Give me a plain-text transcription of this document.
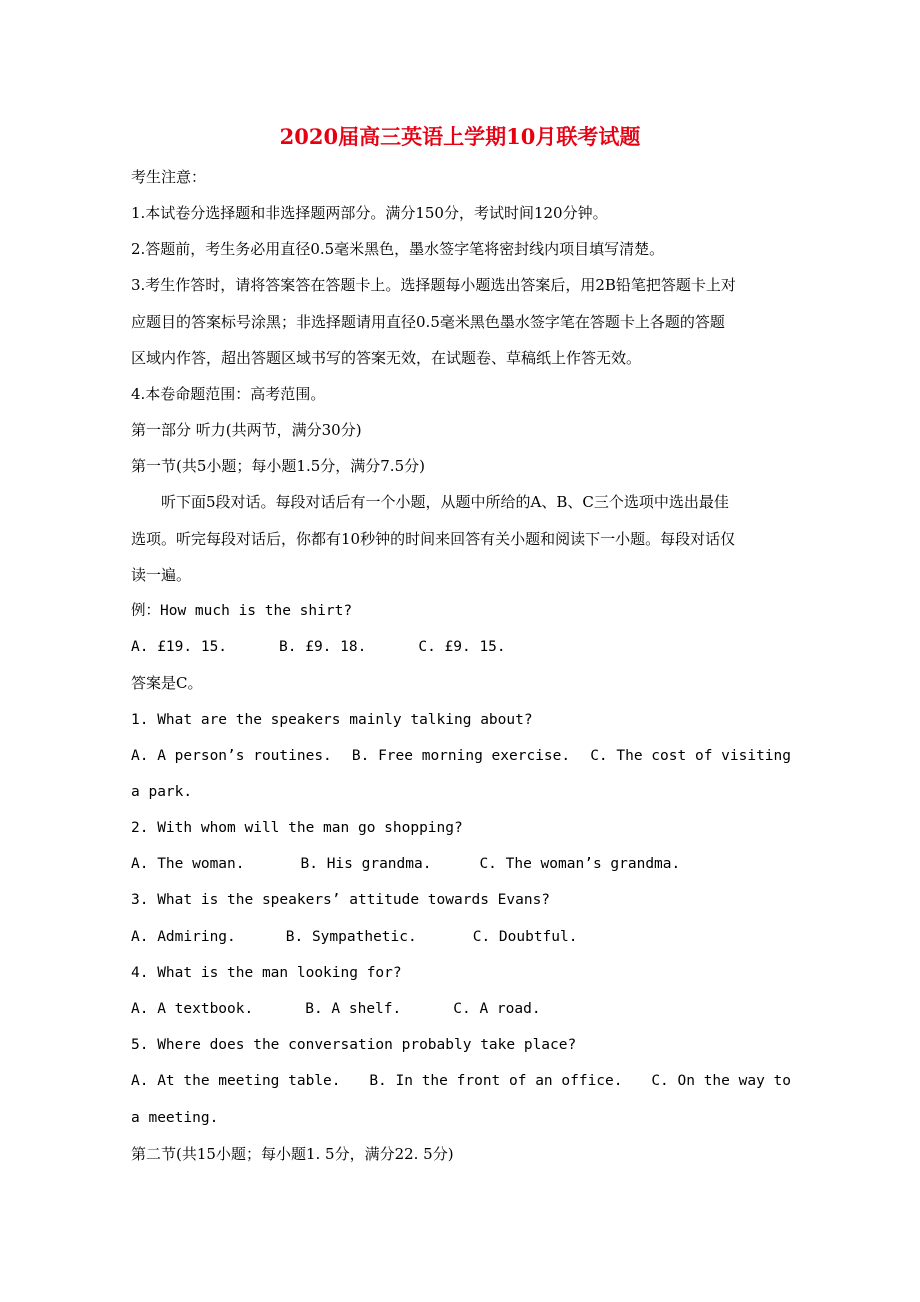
2020届高三英语上学期10月联考试题
考生注意：
1.本试卷分选择题和非选择题两部分。满分150分，考试时间120分钟。
2.答题前，考生务必用直径0.5毫米黑色，墨水签字笔将密封线内项目填写清楚。
3.考生作答时，请将答案答在答题卡上。选择题每小题选出答案后，用2B铅笔把答题卡上对
应题目的答案标号涂黑；非选择题请用直径0.5毫米黑色墨水签字笔在答题卡上各题的答题
区域内作答，超出答题区域书写的答案无效，在试题卷、草稿纸上作答无效。
4.本卷命题范围：高考范围。
第一部分 听力(共两节，满分30分)
第一节(共5小题；每小题1.5分，满分7.5分)
听下面5段对话。每段对话后有一个小题，从题中所给的A、B、C三个选项中选出最佳
选项。听完每段对话后，你都有10秒钟的时间来回答有关小题和阅读下一小题。每段对话仅
读一遍。
例：How much is the shirt?
A. £19. 15.	B. £9. 18.	C. £9. 15.
答案是C。
1. What are the speakers mainly talking about?
A. A person’s routines. B. Free morning exercise. C. The cost of visiting
a park.
2. With whom will the man go shopping?
A. The woman.	B. His grandma.	C. The woman’s grandma.
3. What is the speakers’ attitude towards Evans?
A. Admiring.	B. Sympathetic.	C. Doubtful.
4. What is the man looking for?
A. A textbook.	B. A shelf.	C. A road.
5. Where does the conversation probably take place?
A. At the meeting table. B. In the front of an office. C. On the way to
a meeting.
第二节(共15小题；每小题1. 5分，满分22. 5分)
